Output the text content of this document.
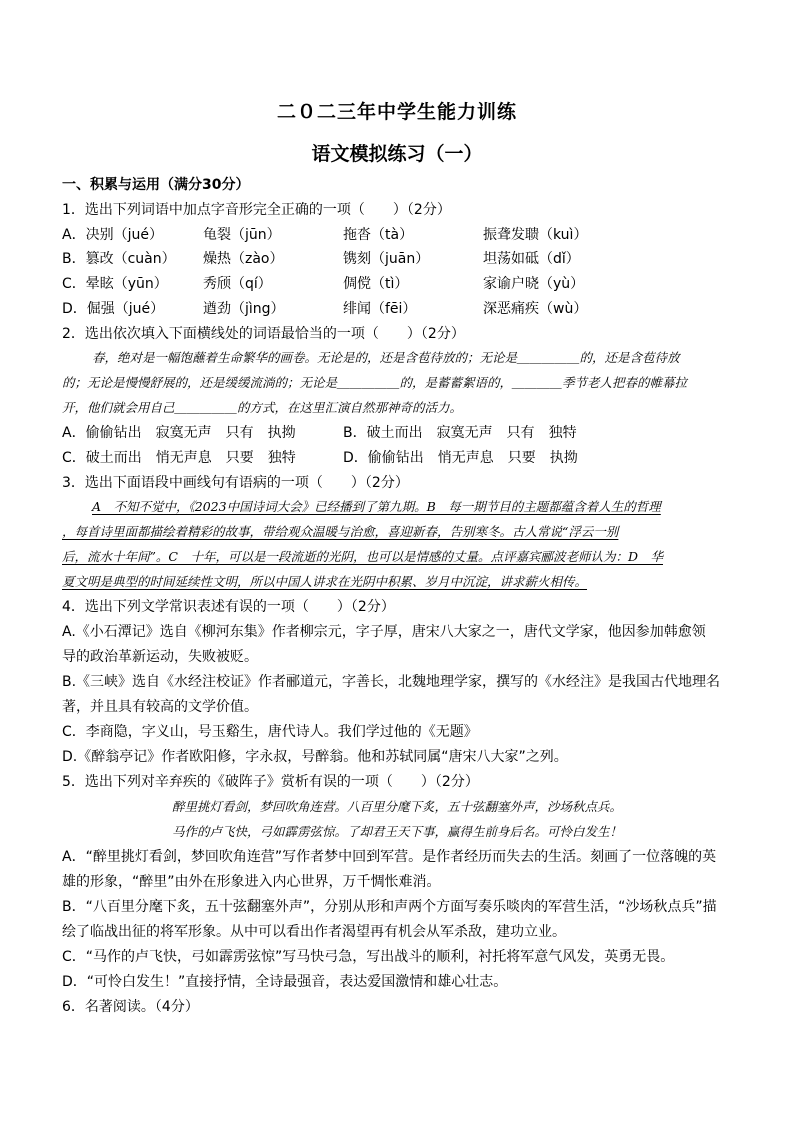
二０二三年中学生能力训练
语文模拟练习（一）
一、积累与运用（满分30分）
1．选出下列词语中加点字音形完全正确的一项（　　）（2分）
A．决别（jué）	龟裂（jūn）	拖沓（tà）	振聋发聩（kuì）
B．篡改（cuàn） 燥热（zào）	镌刻（juān）	坦荡如砥（dǐ）
C．晕眩（yūn）	秀颀（qí）	倜傥（tì）	家谕户晓（yù）
D．倔强（jué）	遒劲（jìng）	绯闻（fēi）	深恶痛疾（wù）
2．选出依次填入下面横线处的词语最恰当的一项（　　）（2分）
春，绝对是一幅饱蘸着生命繁华的画卷。无论是的，还是含苞待放的；无论是＿＿＿＿＿的，还是含苞待放
的；无论是慢慢舒展的，还是缓缓流淌的；无论是＿＿＿＿＿的，是蓄蓄絮语的，＿＿＿＿季节老人把春的帷幕拉
开，他们就会用自己＿＿＿＿＿的方式，在这里汇演自然那神奇的活力。
A．偷偷钻出　寂寞无声　只有　执拗	B．破土而出　寂寞无声　只有　独特
C．破土而出　悄无声息　只要　独特	D．偷偷钻出　悄无声息　只要　执拗
3．选出下面语段中画线句有语病的一项（　　）（2分）
A　不知不觉中，《2023中国诗词大会》已经播到了第九期。B　每一期节目的主题都蕴含着人生的哲理
，每首诗里面都描绘着精彩的故事，带给观众温暖与治愈，喜迎新春，告别寒冬。古人常说“浮云一别
后，流水十年间”。C　十年，可以是一段流逝的光阴，也可以是情感的丈量。点评嘉宾郦波老师认为：D　华
夏文明是典型的时间延续性文明，所以中国人讲求在光阴中积累、岁月中沉淀，讲求薪火相传。
4．选出下列文学常识表述有误的一项（　　）（2分）
A.《小石潭记》选自《柳河东集》作者柳宗元，字子厚，唐宋八大家之一，唐代文学家，他因参加韩愈领
导的政治革新运动，失败被贬。
B.《三峡》选自《水经注校证》作者郦道元，字善长，北魏地理学家，撰写的《水经注》是我国古代地理名
著，并且具有较高的文学价值。
C．李商隐，字义山，号玉谿生，唐代诗人。我们学过他的《无题》
D.《醉翁亭记》作者欧阳修，字永叔，号醉翁。他和苏轼同属“唐宋八大家”之列。
5．选出下列对辛弃疾的《破阵子》赏析有误的一项（　　）（2分）
醉里挑灯看剑，梦回吹角连营。八百里分麾下炙，五十弦翻塞外声，沙场秋点兵。
马作的卢飞快，弓如霹雳弦惊。了却君王天下事，赢得生前身后名。可怜白发生！
A．“醉里挑灯看剑，梦回吹角连营”写作者梦中回到军营。是作者经历而失去的生活。刻画了一位落魄的英
雄的形象，“醉里”由外在形象进入内心世界，万千惆怅难消。
B．“八百里分麾下炙，五十弦翻塞外声”，分别从形和声两个方面写奏乐啖肉的军营生活，“沙场秋点兵”描
绘了临战出征的将军形象。从中可以看出作者渴望再有机会从军杀敌，建功立业。
C．“马作的卢飞快，弓如霹雳弦惊”写马快弓急，写出战斗的顺利，衬托将军意气风发，英勇无畏。
D．“可怜白发生！”直接抒情，全诗最强音，表达爱国激情和雄心壮志。
6．名著阅读。（4分）
